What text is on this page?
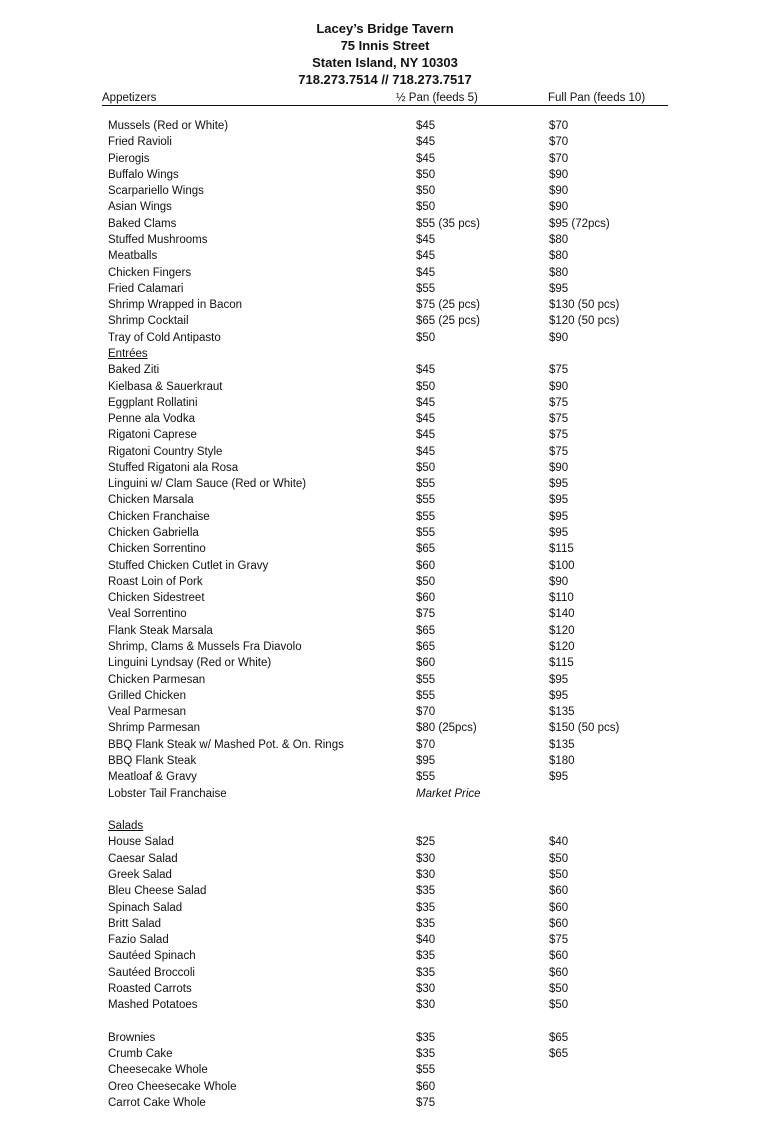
Lacey’s Bridge Tavern
75 Innis Street
Staten Island, NY 10303
718.273.7514 // 718.273.7517
Appetizers	½ Pan (feeds 5)	Full Pan (feeds 10)
Mussels (Red or White)	$45	$70
Fried Ravioli	$45	$70
Pierogis	$45	$70
Buffalo Wings	$50	$90
Scarpariello Wings	$50	$90
Asian Wings	$50	$90
Baked Clams	$55 (35 pcs)	$95 (72pcs)
Stuffed Mushrooms	$45	$80
Meatballs	$45	$80
Chicken Fingers	$45	$80
Fried Calamari	$55	$95
Shrimp Wrapped in Bacon	$75 (25 pcs)	$130 (50 pcs)
Shrimp Cocktail	$65 (25 pcs)	$120 (50 pcs)
Tray of Cold Antipasto	$50	$90
Entrées
Baked Ziti	$45	$75
Kielbasa & Sauerkraut	$50	$90
Eggplant Rollatini	$45	$75
Penne ala Vodka	$45	$75
Rigatoni Caprese	$45	$75
Rigatoni Country Style	$45	$75
Stuffed Rigatoni ala Rosa	$50	$90
Linguini w/ Clam Sauce (Red or White)	$55	$95
Chicken Marsala	$55	$95
Chicken Franchaise	$55	$95
Chicken Gabriella	$55	$95
Chicken Sorrentino	$65	$115
Stuffed Chicken Cutlet in Gravy	$60	$100
Roast Loin of Pork	$50	$90
Chicken Sidestreet	$60	$110
Veal Sorrentino	$75	$140
Flank Steak Marsala	$65	$120
Shrimp, Clams & Mussels Fra Diavolo	$65	$120
Linguini Lyndsay (Red or White)	$60	$115
Chicken Parmesan	$55	$95
Grilled Chicken	$55	$95
Veal Parmesan	$70	$135
Shrimp Parmesan	$80 (25pcs)	$150 (50 pcs)
BBQ Flank Steak w/ Mashed Pot. & On. Rings	$70	$135
BBQ Flank Steak	$95	$180
Meatloaf & Gravy	$55	$95
Lobster Tail Franchaise	Market Price
Salads
House Salad	$25	$40
Caesar Salad	$30	$50
Greek Salad	$30	$50
Bleu Cheese Salad	$35	$60
Spinach Salad	$35	$60
Britt Salad	$35	$60
Fazio Salad	$40	$75
Sautéed Spinach	$35	$60
Sautéed Broccoli	$35	$60
Roasted Carrots	$30	$50
Mashed Potatoes	$30	$50
Brownies	$35	$65
Crumb Cake	$35	$65
Cheesecake Whole	$55
Oreo Cheesecake Whole	$60
Carrot Cake Whole	$75
